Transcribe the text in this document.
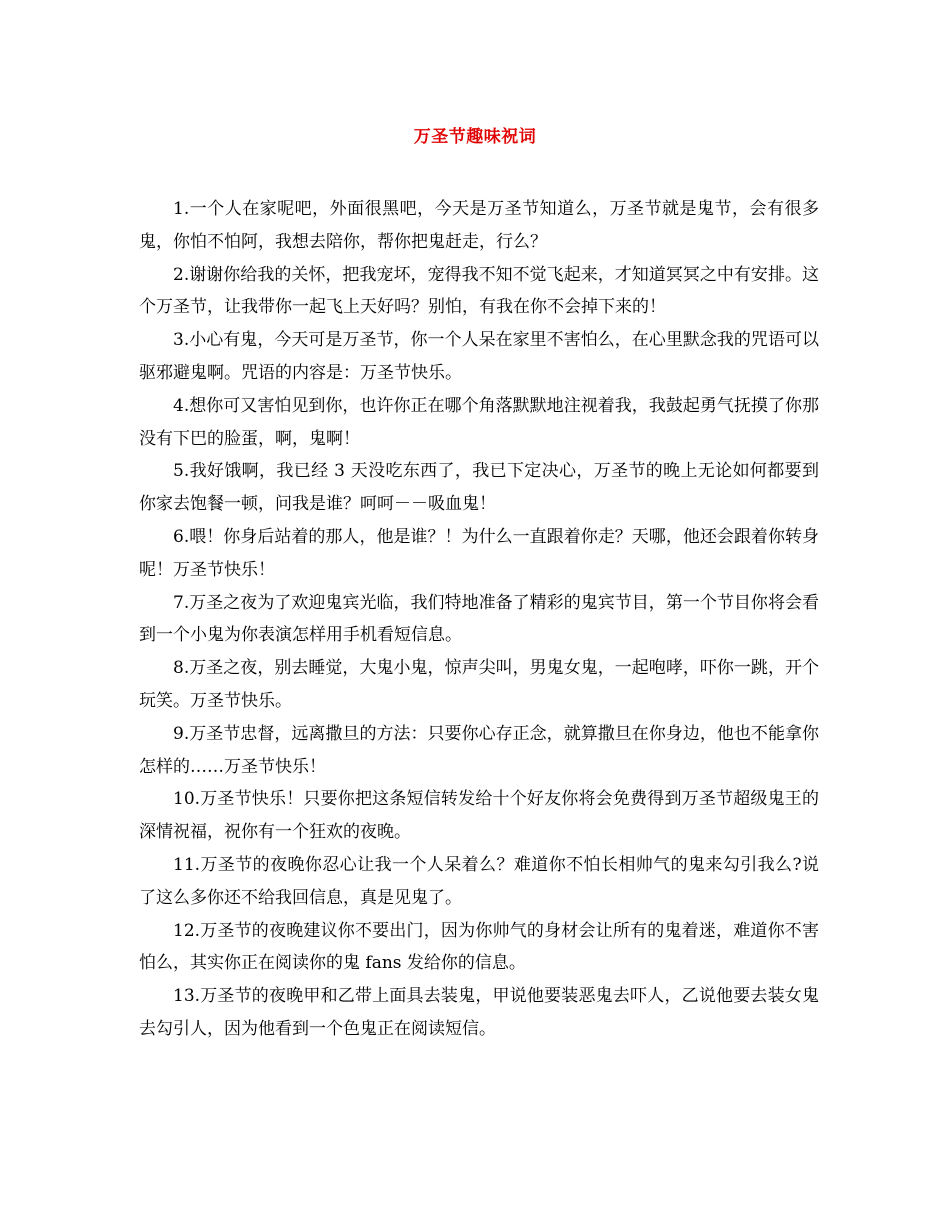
万圣节趣味祝词

1.一个人在家呢吧，外面很黑吧，今天是万圣节知道么，万圣节就是鬼节，会有很多鬼，你怕不怕阿，我想去陪你，帮你把鬼赶走，行么？

2.谢谢你给我的关怀，把我宠坏，宠得我不知不觉飞起来，才知道冥冥之中有安排。这个万圣节，让我带你一起飞上天好吗？别怕，有我在你不会掉下来的！

3.小心有鬼，今天可是万圣节，你一个人呆在家里不害怕么，在心里默念我的咒语可以驱邪避鬼啊。咒语的内容是：万圣节快乐。

4.想你可又害怕见到你，也许你正在哪个角落默默地注视着我，我鼓起勇气抚摸了你那没有下巴的脸蛋，啊，鬼啊！

5.我好饿啊，我已经 3 天没吃东西了，我已下定决心，万圣节的晚上无论如何都要到你家去饱餐一顿，问我是谁？呵呵－－吸血鬼！

6.喂！你身后站着的那人，他是谁？！为什么一直跟着你走？天哪，他还会跟着你转身呢！万圣节快乐！

7.万圣之夜为了欢迎鬼宾光临，我们特地准备了精彩的鬼宾节目，第一个节目你将会看到一个小鬼为你表演怎样用手机看短信息。

8.万圣之夜，别去睡觉，大鬼小鬼，惊声尖叫，男鬼女鬼，一起咆哮，吓你一跳，开个玩笑。万圣节快乐。

9.万圣节忠督，远离撒旦的方法：只要你心存正念，就算撒旦在你身边，他也不能拿你怎样的……万圣节快乐！

10.万圣节快乐！只要你把这条短信转发给十个好友你将会免费得到万圣节超级鬼王的深情祝福，祝你有一个狂欢的夜晚。

11.万圣节的夜晚你忍心让我一个人呆着么？难道你不怕长相帅气的鬼来勾引我么?说了这么多你还不给我回信息，真是见鬼了。

12.万圣节的夜晚建议你不要出门，因为你帅气的身材会让所有的鬼着迷，难道你不害怕么，其实你正在阅读你的鬼 fans 发给你的信息。

13.万圣节的夜晚甲和乙带上面具去装鬼，甲说他要装恶鬼去吓人，乙说他要去装女鬼去勾引人，因为他看到一个色鬼正在阅读短信。
